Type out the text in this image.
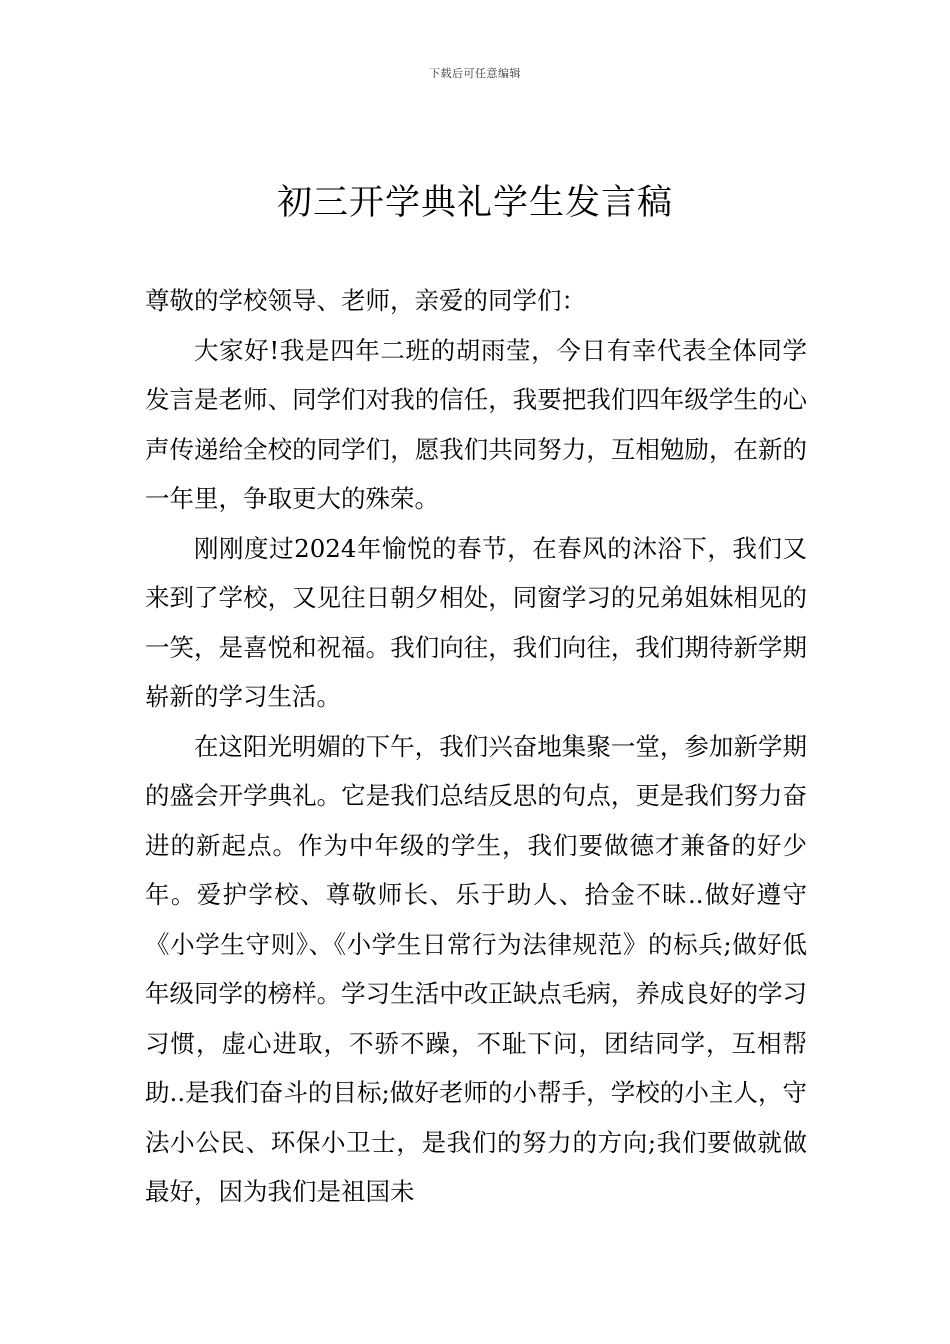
下载后可任意编辑
初三开学典礼学生发言稿

尊敬的学校领导、老师，亲爱的同学们：

大家好!我是四年二班的胡雨莹，今日有幸代表全体同学发言是老师、同学们对我的信任，我要把我们四年级学生的心声传递给全校的同学们，愿我们共同努力，互相勉励，在新的一年里，争取更大的殊荣。

刚刚度过2024年愉悦的春节，在春风的沐浴下，我们又来到了学校，又见往日朝夕相处，同窗学习的兄弟姐妹相见的一笑，是喜悦和祝福。我们向往，我们向往，我们期待新学期崭新的学习生活。

在这阳光明媚的下午，我们兴奋地集聚一堂，参加新学期的盛会开学典礼。它是我们总结反思的句点，更是我们努力奋进的新起点。作为中年级的学生，我们要做德才兼备的好少年。爱护学校、尊敬师长、乐于助人、拾金不昧..做好遵守《小学生守则》、《小学生日常行为法律规范》的标兵;做好低年级同学的榜样。学习生活中改正缺点毛病，养成良好的学习习惯，虚心进取，不骄不躁，不耻下问，团结同学，互相帮助..是我们奋斗的目标;做好老师的小帮手，学校的小主人，守法小公民、环保小卫士，是我们的努力的方向;我们要做就做最好，因为我们是祖国未
